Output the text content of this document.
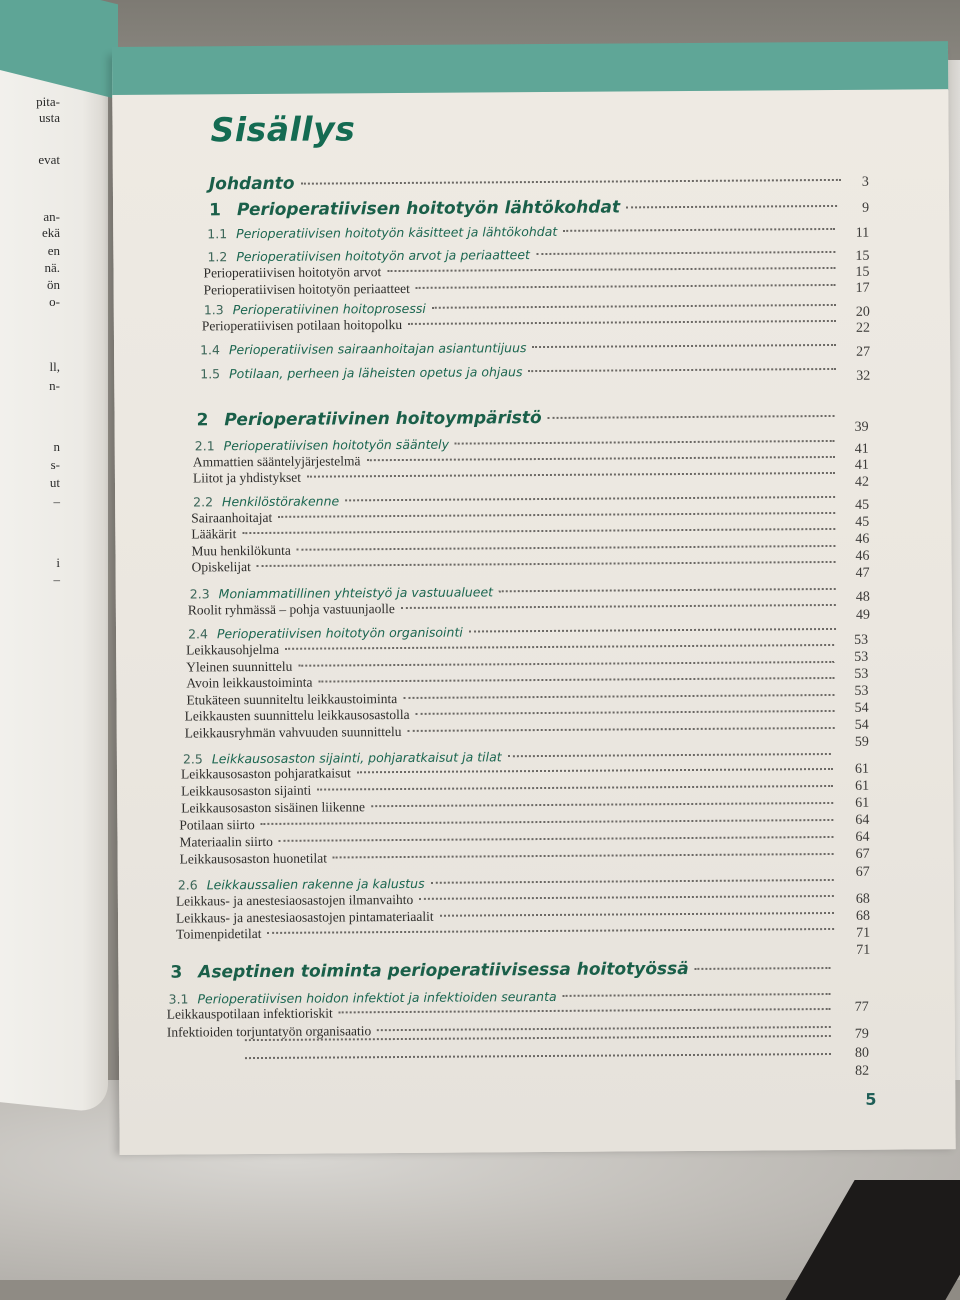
pita-
usta
evat
an-
ekä
en
nä.
ön
o-
ll,
n-
n
s-
ut
–
i
–
Sisällys
Johdanto
1 Perioperatiivisen hoitotyön lähtökohdat
1.1 Perioperatiivisen hoitotyön käsitteet ja lähtökohdat
1.2 Perioperatiivisen hoitotyön arvot ja periaatteet
Perioperatiivisen hoitotyön arvot
Perioperatiivisen hoitotyön periaatteet
1.3 Perioperatiivinen hoitoprosessi
Perioperatiivisen potilaan hoitopolku
1.4 Perioperatiivisen sairaanhoitajan asiantuntijuus
1.5 Potilaan, perheen ja läheisten opetus ja ohjaus
2 Perioperatiivinen hoitoympäristö
2.1 Perioperatiivisen hoitotyön sääntely
Ammattien sääntelyjärjestelmä
Liitot ja yhdistykset
2.2 Henkilöstörakenne
Sairaanhoitajat
Lääkärit
Muu henkilökunta
Opiskelijat
2.3 Moniammatillinen yhteistyö ja vastuualueet
Roolit ryhmässä – pohja vastuunjaolle
2.4 Perioperatiivisen hoitotyön organisointi
Leikkausohjelma
Yleinen suunnittelu
Avoin leikkaustoiminta
Etukäteen suunniteltu leikkaustoiminta
Leikkausten suunnittelu leikkausosastolla
Leikkausryhmän vahvuuden suunnittelu
2.5 Leikkausosaston sijainti, pohjaratkaisut ja tilat
Leikkausosaston pohjaratkaisut
Leikkausosaston sijainti
Leikkausosaston sisäinen liikenne
Potilaan siirto
Materiaalin siirto
Leikkausosaston huonetilat
2.6 Leikkaussalien rakenne ja kalustus
Leikkaus- ja anestesiaosastojen ilmanvaihto
Leikkaus- ja anestesiaosastojen pintamateriaalit
Toimenpidetilat
3 Aseptinen toiminta perioperatiivisessa hoitotyössä
3.1 Perioperatiivisen hoidon infektiot ja infektioiden seuranta
Leikkauspotilaan infektioriskit
Infektioiden torjuntatyön organisaatio
3
9
11
15
15
17
20
22
27
32
39
41
41
42
45
45
46
46
47
48
49
53
53
53
53
54
54
59
61
61
61
64
64
67
67
68
68
71
71
77
79
80
82
5
